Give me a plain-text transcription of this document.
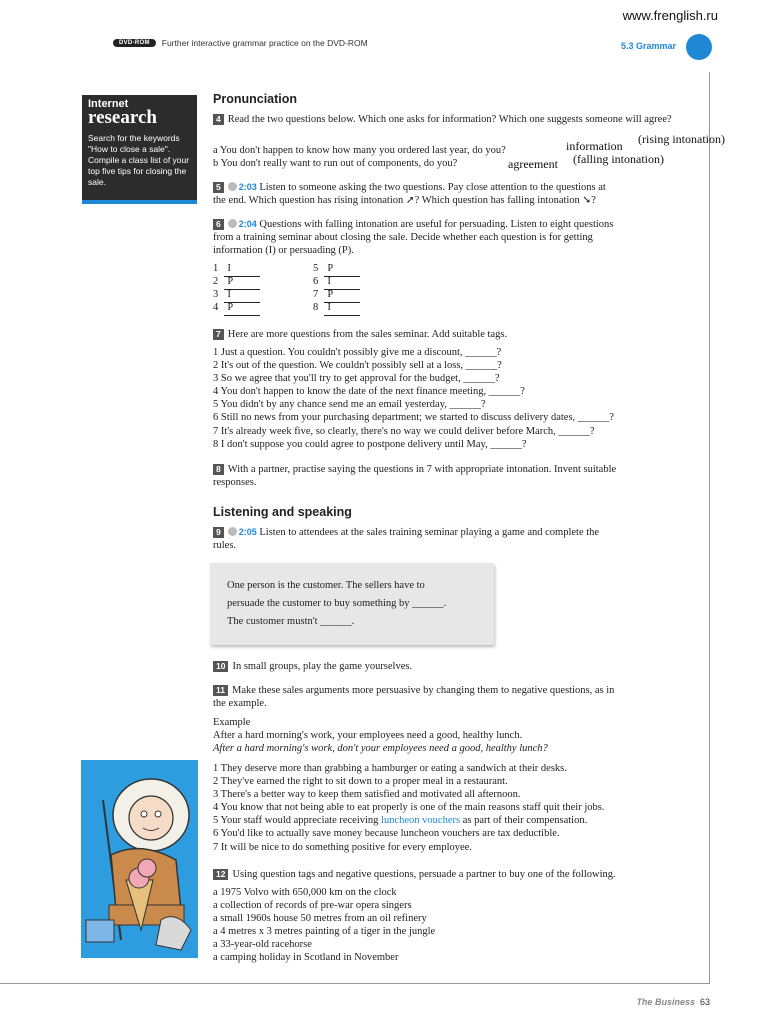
www.frenglish.ru
DVD-ROM	Further interactive grammar practice on the DVD-ROM	5.3 Grammar
Internet
research
Search for the keywords "How to close a sale". Compile a class list of your top five tips for closing the sale.
Pronunciation
4 Read the two questions below. Which one asks for information? Which one suggests someone will agree?
a You don't happen to know how many you ordered last year, do you?	information (rising intonation)
b You don't really want to run out of components, do you?	agreement (falling intonation)
5 2:03 Listen to someone asking the two questions. Pay close attention to the questions at
the end. Which question has rising intonation ➚? Which question has falling intonation ➘?
6 2:04 Questions with falling intonation are useful for persuading. Listen to eight questions
from a training seminar about closing the sale. Decide whether each question is for getting
information (I) or persuading (P).
1 I
2 P
3 I
4 P
5 P
6 I
7 P
8 I
7 Here are more questions from the sales seminar. Add suitable tags.
1 Just a question. You couldn't possibly give me a discount, ______?
2 It's out of the question. We couldn't possibly sell at a loss, ______?
3 So we agree that you'll try to get approval for the budget, ______?
4 You don't happen to know the date of the next finance meeting, ______?
5 You didn't by any chance send me an email yesterday, ______?
6 Still no news from your purchasing department; we started to discuss delivery dates, ______?
7 It's already week five, so clearly, there's no way we could deliver before March, ______?
8 I don't suppose you could agree to postpone delivery until May, ______?
8 With a partner, practise saying the questions in 7 with appropriate intonation. Invent suitable
responses.
Listening and speaking
9 2:05 Listen to attendees at the sales training seminar playing a game and complete the
rules.
One person is the customer. The sellers have to
persuade the customer to buy something by ______.
The customer mustn't ______.
10 In small groups, play the game yourselves.
11 Make these sales arguments more persuasive by changing them to negative questions, as in
the example.
Example
After a hard morning's work, your employees need a good, healthy lunch.
After a hard morning's work, don't your employees need a good, healthy lunch?
1 They deserve more than grabbing a hamburger or eating a sandwich at their desks.
2 They've earned the right to sit down to a proper meal in a restaurant.
3 There's a better way to keep them satisfied and motivated all afternoon.
4 You know that not being able to eat properly is one of the main reasons staff quit their jobs.
5 Your staff would appreciate receiving luncheon vouchers as part of their compensation.
6 You'd like to actually save money because luncheon vouchers are tax deductible.
7 It will be nice to do something positive for every employee.
12 Using question tags and negative questions, persuade a partner to buy one of the following.
a 1975 Volvo with 650,000 km on the clock
a collection of records of pre-war opera singers
a small 1960s house 50 metres from an oil refinery
a 4 metres x 3 metres painting of a tiger in the jungle
a 33-year-old racehorse
a camping holiday in Scotland in November
The Business 63
